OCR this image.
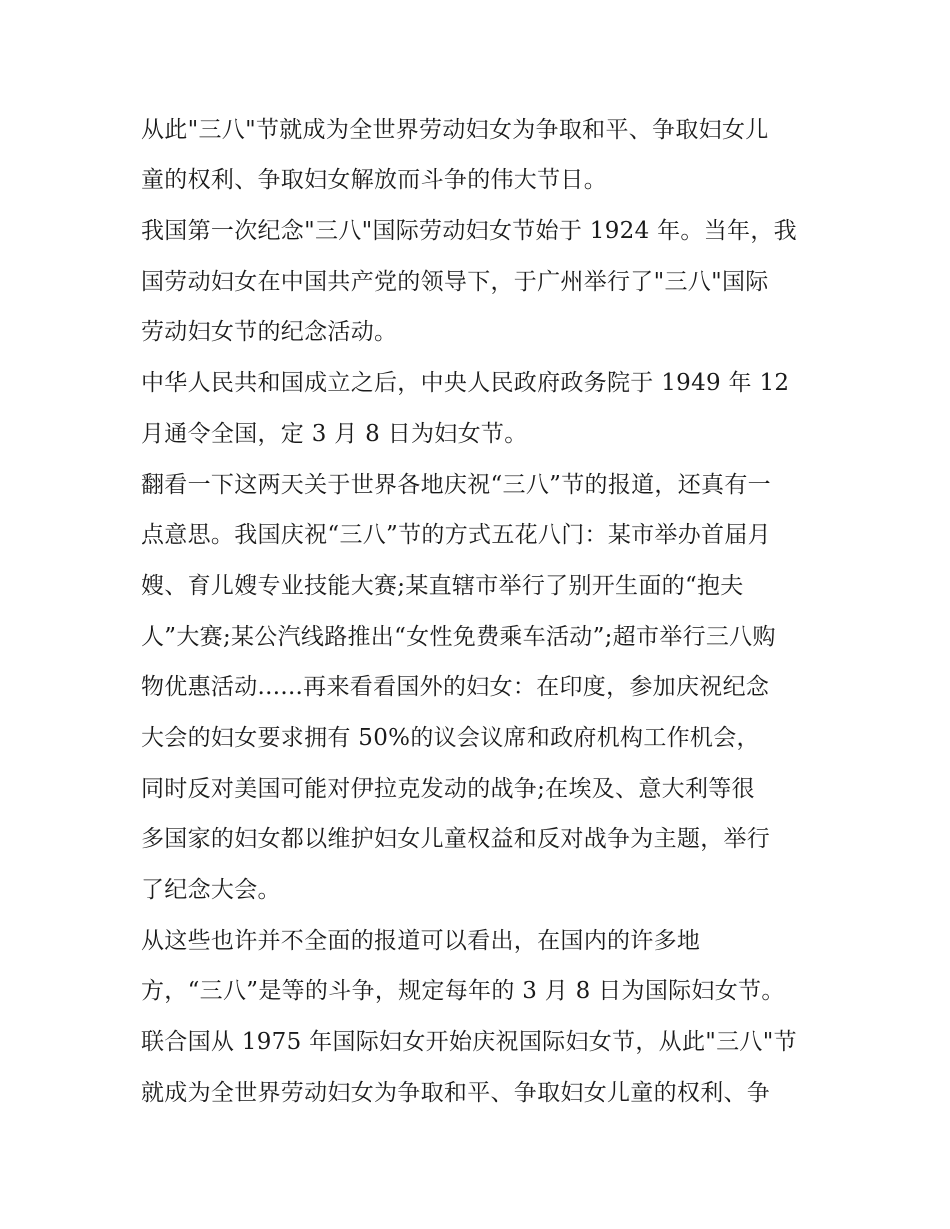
从此"三八"节就成为全世界劳动妇女为争取和平、争取妇女儿
童的权利、争取妇女解放而斗争的伟大节日。
我国第一次纪念"三八"国际劳动妇女节始于 1924 年。当年，我
国劳动妇女在中国共产党的领导下，于广州举行了"三八"国际
劳动妇女节的纪念活动。
中华人民共和国成立之后，中央人民政府政务院于 1949 年 12
月通令全国，定 3 月 8 日为妇女节。
翻看一下这两天关于世界各地庆祝“三八”节的报道，还真有一
点意思。我国庆祝“三八”节的方式五花八门：某市举办首届月
嫂、育儿嫂专业技能大赛;某直辖市举行了别开生面的“抱夫
人”大赛;某公汽线路推出“女性免费乘车活动”;超市举行三八购
物优惠活动......再来看看国外的妇女：在印度，参加庆祝纪念
大会的妇女要求拥有 50%的议会议席和政府机构工作机会，
同时反对美国可能对伊拉克发动的战争;在埃及、意大利等很
多国家的妇女都以维护妇女儿童权益和反对战争为主题，举行
了纪念大会。
从这些也许并不全面的报道可以看出，在国内的许多地
方，“三八”是等的斗争，规定每年的 3 月 8 日为国际妇女节。
联合国从 1975 年国际妇女开始庆祝国际妇女节，从此"三八"节
就成为全世界劳动妇女为争取和平、争取妇女儿童的权利、争
